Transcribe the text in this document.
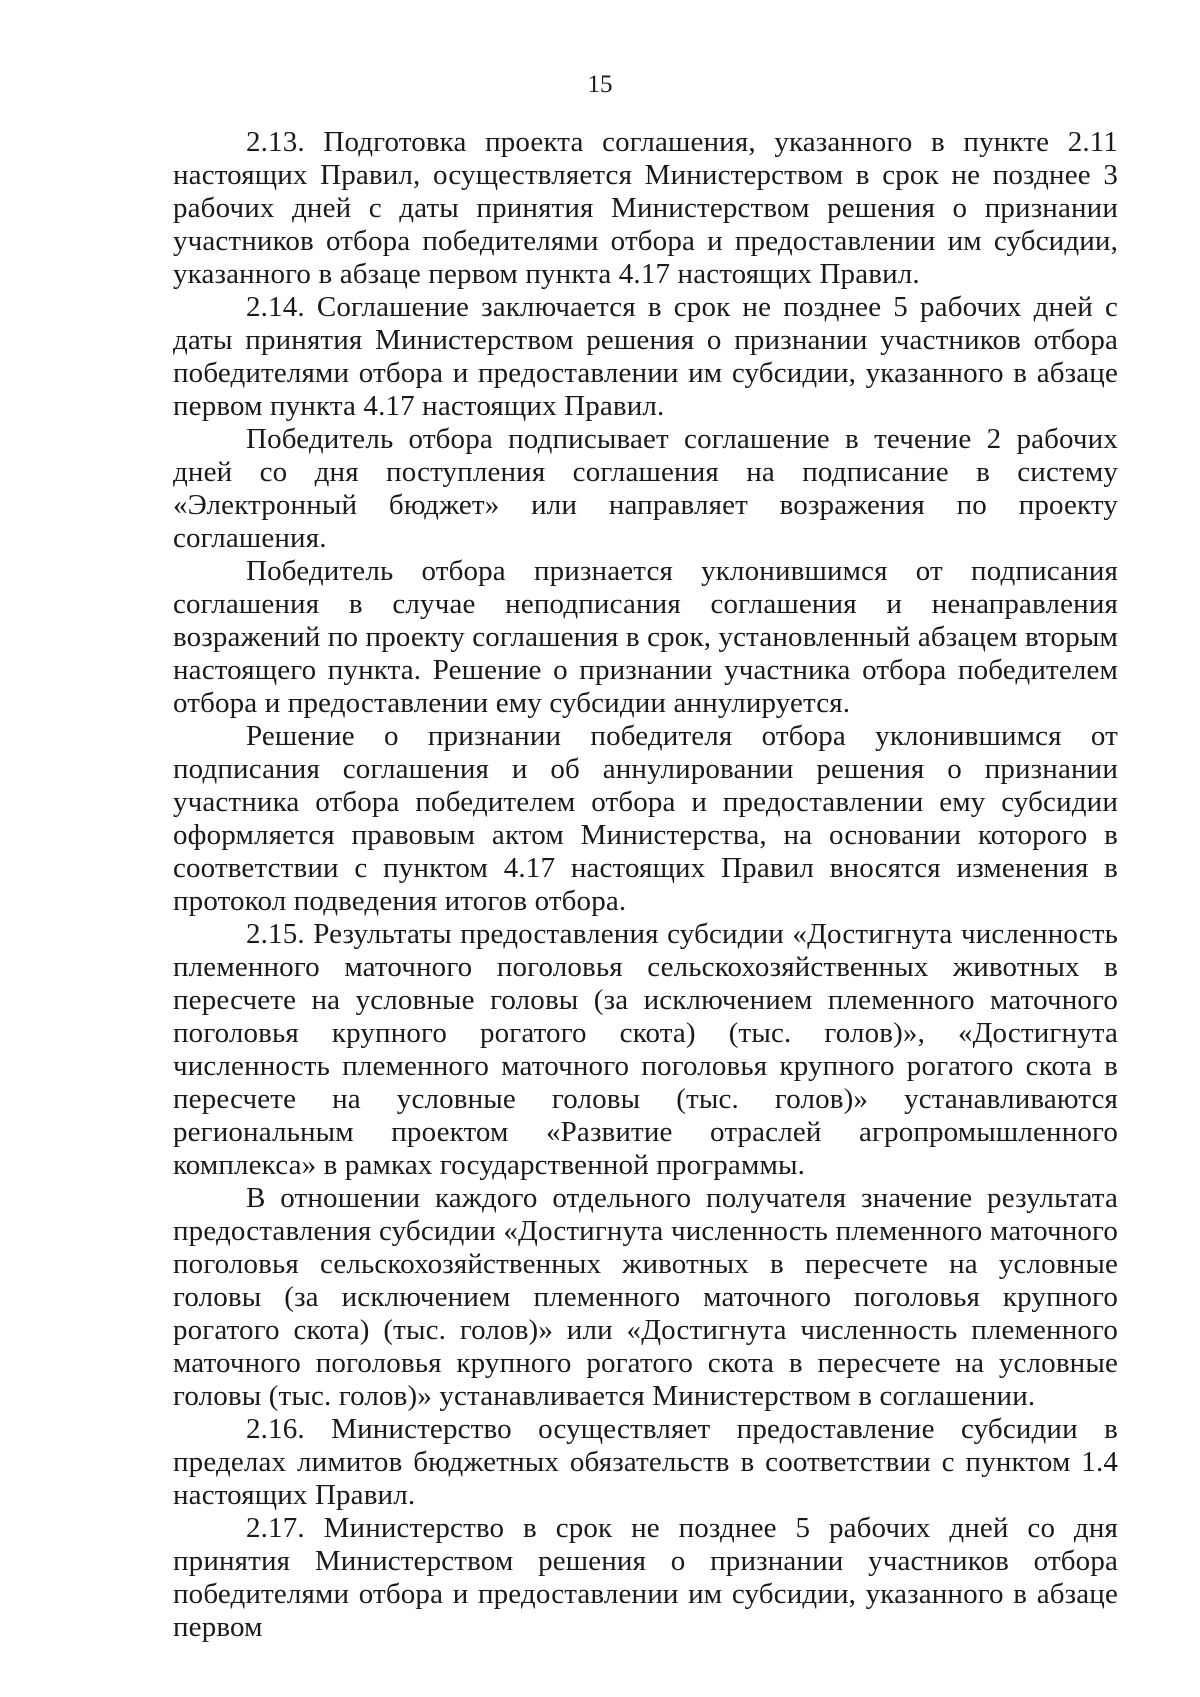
15

2.13. Подготовка проекта соглашения, указанного в пункте 2.11 настоящих Правил, осуществляется Министерством в срок не позднее 3 рабочих дней с даты принятия Министерством решения о признании участников отбора победителями отбора и предоставлении им субсидии, указанного в абзаце первом пункта 4.17 настоящих Правил.

2.14. Соглашение заключается в срок не позднее 5 рабочих дней с даты принятия Министерством решения о признании участников отбора победителями отбора и предоставлении им субсидии, указанного в абзаце первом пункта 4.17 настоящих Правил.

Победитель отбора подписывает соглашение в течение 2 рабочих дней со дня поступления соглашения на подписание в систему «Электронный бюджет» или направляет возражения по проекту соглашения.

Победитель отбора признается уклонившимся от подписания соглашения в случае неподписания соглашения и ненаправления возражений по проекту соглашения в срок, установленный абзацем вторым настоящего пункта. Решение о признании участника отбора победителем отбора и предоставлении ему субсидии аннулируется.

Решение о признании победителя отбора уклонившимся от подписания соглашения и об аннулировании решения о признании участника отбора победителем отбора и предоставлении ему субсидии оформляется правовым актом Министерства, на основании которого в соответствии с пунктом 4.17 настоящих Правил вносятся изменения в протокол подведения итогов отбора.

2.15. Результаты предоставления субсидии «Достигнута численность племенного маточного поголовья сельскохозяйственных животных в пересчете на условные головы (за исключением племенного маточного поголовья крупного рогатого скота) (тыс. голов)», «Достигнута численность племенного маточного поголовья крупного рогатого скота в пересчете на условные головы (тыс. голов)» устанавливаются региональным проектом «Развитие отраслей агропромышленного комплекса» в рамках государственной программы.

В отношении каждого отдельного получателя значение результата предоставления субсидии «Достигнута численность племенного маточного поголовья сельскохозяйственных животных в пересчете на условные головы (за исключением племенного маточного поголовья крупного рогатого скота) (тыс. голов)» или «Достигнута численность племенного маточного поголовья крупного рогатого скота в пересчете на условные головы (тыс. голов)» устанавливается Министерством в соглашении.

2.16. Министерство осуществляет предоставление субсидии в пределах лимитов бюджетных обязательств в соответствии с пунктом 1.4 настоящих Правил.

2.17. Министерство в срок не позднее 5 рабочих дней со дня принятия Министерством решения о признании участников отбора победителями отбора и предоставлении им субсидии, указанного в абзаце первом
